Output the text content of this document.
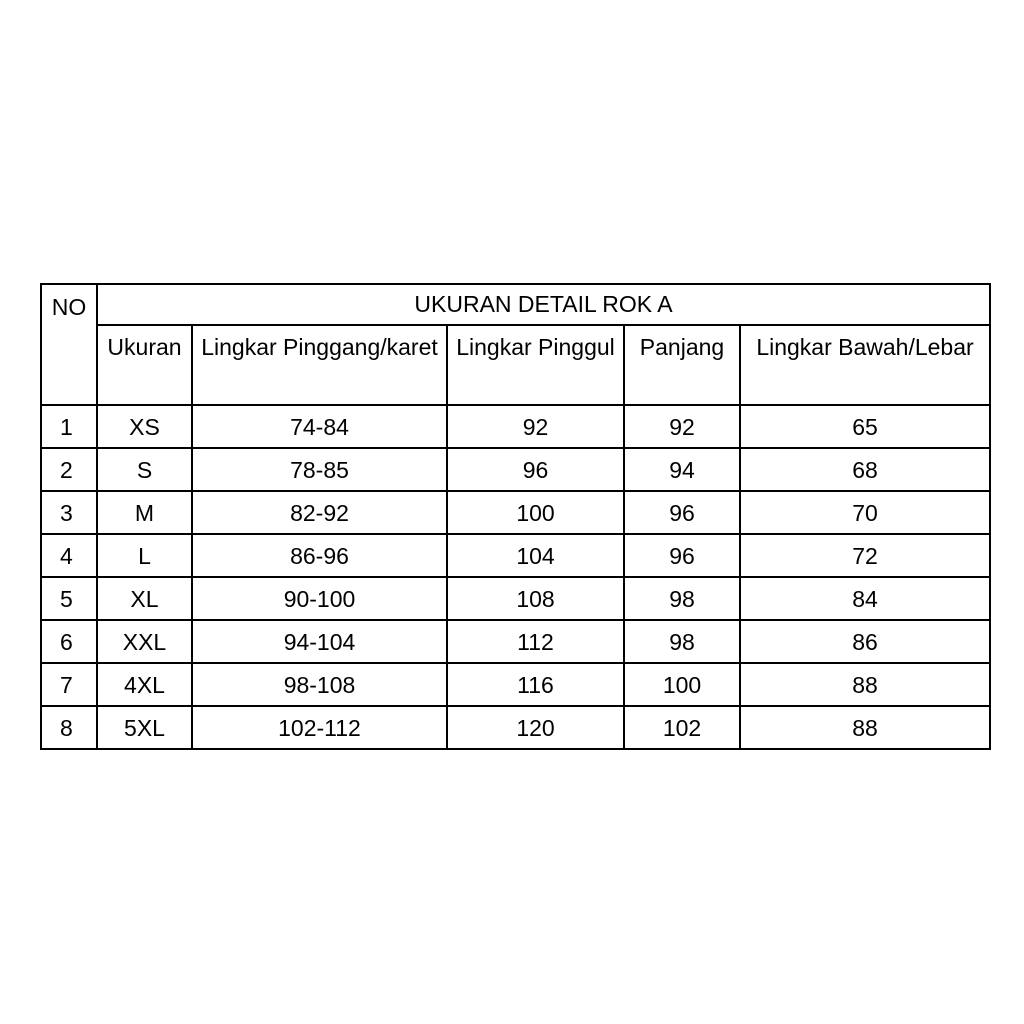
NO	UKURAN DETAIL ROK A				
	Ukuran	Lingkar Pinggang/karet	Lingkar Pinggul	Panjang	Lingkar Bawah/Lebar
1	XS	74-84	92	92	65
2	S	78-85	96	94	68
3	M	82-92	100	96	70
4	L	86-96	104	96	72
5	XL	90-100	108	98	84
6	XXL	94-104	112	98	86
7	4XL	98-108	116	100	88
8	5XL	102-112	120	102	88
